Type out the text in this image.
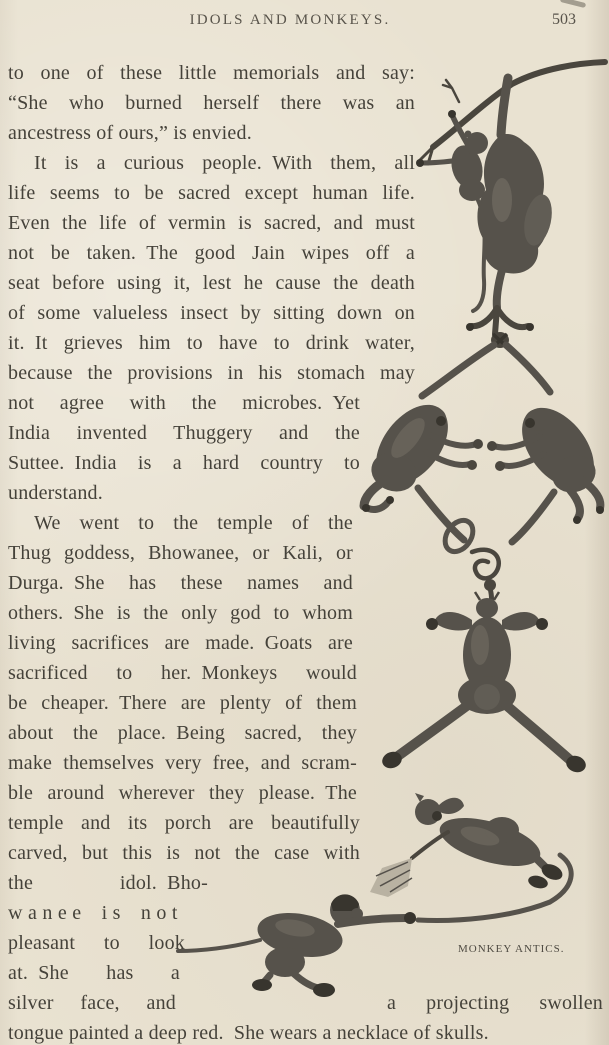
IDOLS AND MONKEYS.	503
to one of these little memorials and say:
“She who burned herself there was an
ancestress of ours,” is envied.
It is a curious people. With them, all
life seems to be sacred except human life.
Even the life of vermin is sacred, and must
not be taken. The good Jain wipes off a
seat before using it, lest he cause the death
of some valueless insect by sitting down on
it. It grieves him to have to drink water,
because the provisions in his stomach may
not agree with the microbes. Yet
India invented Thuggery and the
Suttee. India is a hard country to
understand.
We went to the temple of the
Thug goddess, Bhowanee, or Kali, or
Durga. She has these names and
others. She is the only god to whom
living sacrifices are made. Goats are
sacrificed to her. Monkeys would
be cheaper. There are plenty of them
about the place. Being sacred, they
make themselves very free, and scram-
ble around wherever they please. The
temple and its porch are beautifully
carved, but this is not the case with
the idol. Bho-
wanee is not
pleasant to look
at. She has a
silver face, and	a projecting swollen
tongue painted a deep red. She wears a necklace of skulls.
MONKEY ANTICS.
